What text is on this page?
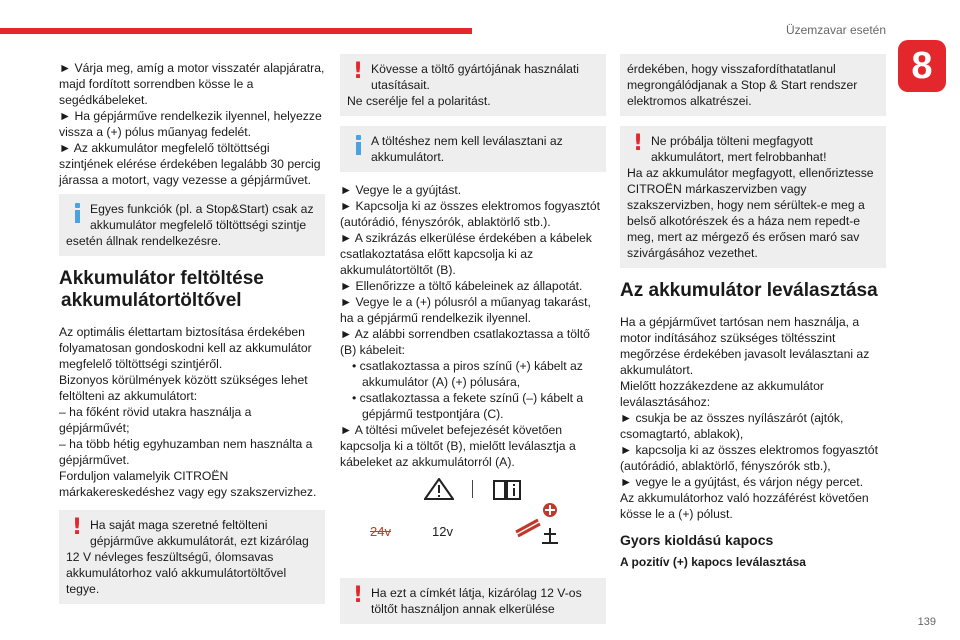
Üzemzavar esetén
8

► Várja meg, amíg a motor visszatér alapjáratra, majd fordított sorrendben kösse le a segédkábeleket.

► Ha gépjárműve rendelkezik ilyennel, helyezze vissza a (+) pólus műanyag fedelét.

► Az akkumulátor megfelelő töltöttségi szintjének elérése érdekében legalább 30 percig járassa a motort, vagy vezesse a gépjárművet.

Egyes funkciók (pl. a Stop&Start) csak az akkumulátor megfelelő töltöttségi szintje
esetén állnak rendelkezésre.
Akkumulátor feltöltése
akkumulátortöltővel

Az optimális élettartam biztosítása érdekében folyamatosan gondoskodni kell az akkumulátor megfelelő töltöttségi szintjéről.

Bizonyos körülmények között szükséges lehet feltölteni az akkumulátort:

– ha főként rövid utakra használja a gépjárművét;

– ha több hétig egyhuzamban nem használta a gépjárművet.

Forduljon valamelyik CITROËN márkakereskedéshez vagy egy szakszervizhez.

! Ha saját maga szeretné feltölteni gépjárműve akkumulátorát, ezt kizárólag
12 V névleges feszültségű, ólomsavas akkumulátorhoz való akkumulátortöltővel tegye.
! Kövesse a töltő gyártójának használati utasításait.
Ne cserélje fel a polaritást.
A töltéshez nem kell leválasztani az akkumulátort.

► Vegye le a gyújtást.

► Kapcsolja ki az összes elektromos fogyasztót (autórádió, fényszórók, ablaktörlő stb.).

► A szikrázás elkerülése érdekében a kábelek csatlakoztatása előtt kapcsolja ki az akkumulátortöltőt (B).

► Ellenőrizze a töltő kábeleinek az állapotát.

► Vegye le a (+) pólusról a műanyag takarást, ha a gépjármű rendelkezik ilyennel.

► Az alábbi sorrendben csatlakoztassa a töltő (B) kábeleit:

• csatlakoztassa a piros színű (+) kábelt az akkumulátor (A) (+) pólusára,

• csatlakoztassa a fekete színű (–) kábelt a gépjármű testpontjára (C).

► A töltési művelet befejezését követően kapcsolja ki a töltőt (B), mielőtt leválasztja a kábeleket az akkumulátorról (A).

24v	12v
! Ha ezt a címkét látja, kizárólag 12 V-os töltőt használjon annak elkerülése
érdekében, hogy visszafordíthatatlanul megrongálódjanak a Stop & Start rendszer elektromos alkatrészei.
! Ne próbálja tölteni megfagyott akkumulátort, mert felrobbanhat!
Ha az akkumulátor megfagyott, ellenőriztesse CITROËN márkaszervizben vagy szakszervizben, hogy nem sérültek-e meg a belső alkotórészek és a háza nem repedt-e meg, mert az mérgező és erősen maró sav szivárgásához vezethet.
Az akkumulátor leválasztása

Ha a gépjárművet tartósan nem használja, a motor indításához szükséges töltésszint megőrzése érdekében javasolt leválasztani az akkumulátort.

Mielőtt hozzákezdene az akkumulátor leválasztásához:

► csukja be az összes nyílászárót (ajtók, csomagtartó, ablakok),

► kapcsolja ki az összes elektromos fogyasztót (autórádió, ablaktörlő, fényszórók stb.),

► vegye le a gyújtást, és várjon négy percet.

Az akkumulátorhoz való hozzáférést követően kösse le a (+) pólust.

Gyors kioldású kapocs
A pozitív (+) kapocs leválasztása
139
